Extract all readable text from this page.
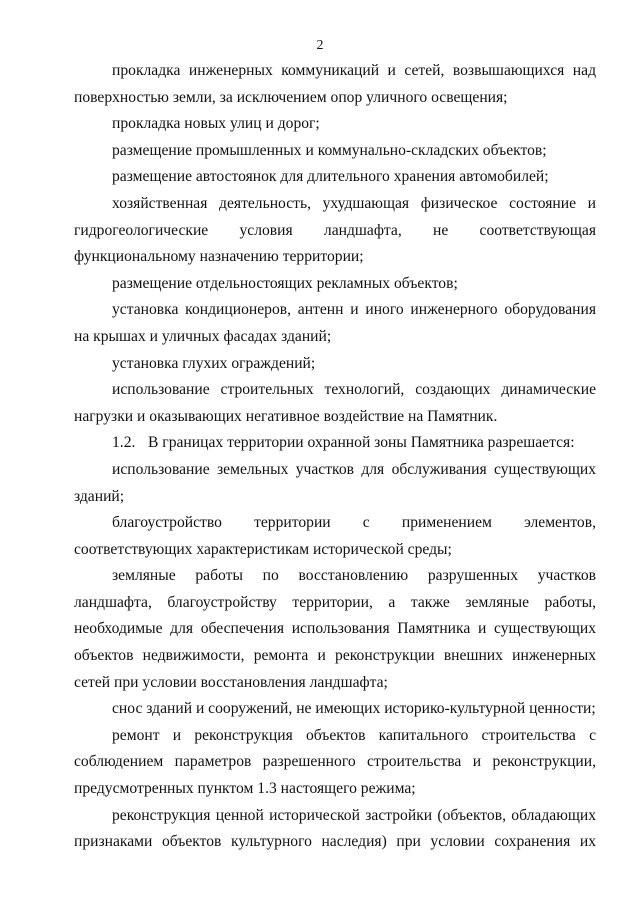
2

прокладка инженерных коммуникаций и сетей, возвышающихся над поверхностью земли, за исключением опор уличного освещения;

прокладка новых улиц и дорог;

размещение промышленных и коммунально-складских объектов;

размещение автостоянок для длительного хранения автомобилей;

хозяйственная деятельность, ухудшающая физическое состояние и гидрогеологические условия ландшафта, не соответствующая функциональному назначению территории;

размещение отдельностоящих рекламных объектов;

установка кондиционеров, антенн и иного инженерного оборудования на крышах и уличных фасадах зданий;

установка глухих ограждений;

использование строительных технологий, создающих динамические нагрузки и оказывающих негативное воздействие на Памятник.

1.2. В границах территории охранной зоны Памятника разрешается:

использование земельных участков для обслуживания существующих зданий;

благоустройство территории с применением элементов, соответствующих характеристикам исторической среды;

земляные работы по восстановлению разрушенных участков ландшафта, благоустройству территории, а также земляные работы, необходимые для обеспечения использования Памятника и существующих объектов недвижимости, ремонта и реконструкции внешних инженерных сетей при условии восстановления ландшафта;

снос зданий и сооружений, не имеющих историко-культурной ценности;

ремонт и реконструкция объектов капитального строительства с соблюдением параметров разрешенного строительства и реконструкции, предусмотренных пунктом 1.3 настоящего режима;

реконструкция ценной исторической застройки (объектов, обладающих признаками объектов культурного наследия) при условии сохранения их
